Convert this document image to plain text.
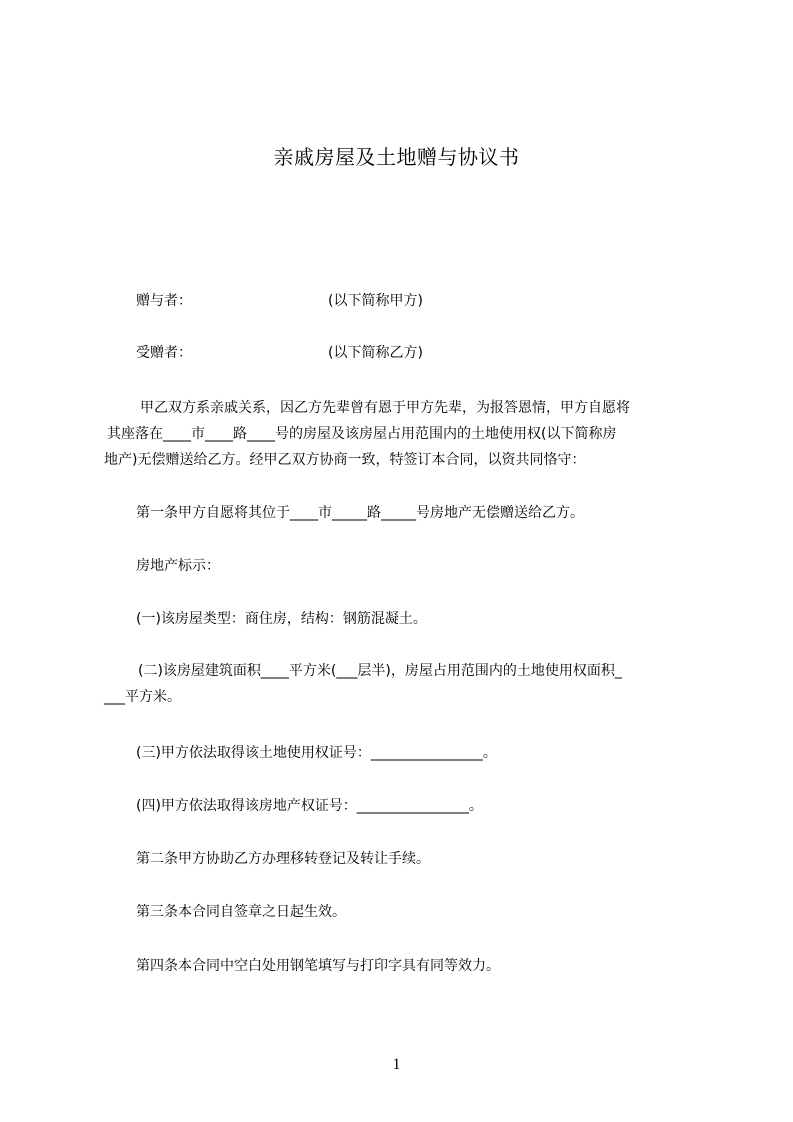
亲戚房屋及土地赠与协议书
赠与者：	(以下简称甲方)
受赠者：	(以下简称乙方)
甲乙双方系亲戚关系，因乙方先辈曾有恩于甲方先辈，为报答恩情，甲方自愿将
其座落在____市____路____号的房屋及该房屋占用范围内的土地使用权(以下简称房
地产)无偿赠送给乙方。经甲乙双方协商一致，特签订本合同，以资共同恪守：
第一条甲方自愿将其位于____市_____路_____号房地产无偿赠送给乙方。
房地产标示：
(一)该房屋类型：商住房，结构：钢筋混凝土。
(二)该房屋建筑面积____平方米(___层半)，房屋占用范围内的土地使用权面积_
___平方米。
(三)甲方依法取得该土地使用权证号：________________。
(四)甲方依法取得该房地产权证号：________________。
第二条甲方协助乙方办理移转登记及转让手续。
第三条本合同自签章之日起生效。
第四条本合同中空白处用钢笔填写与打印字具有同等效力。
1
